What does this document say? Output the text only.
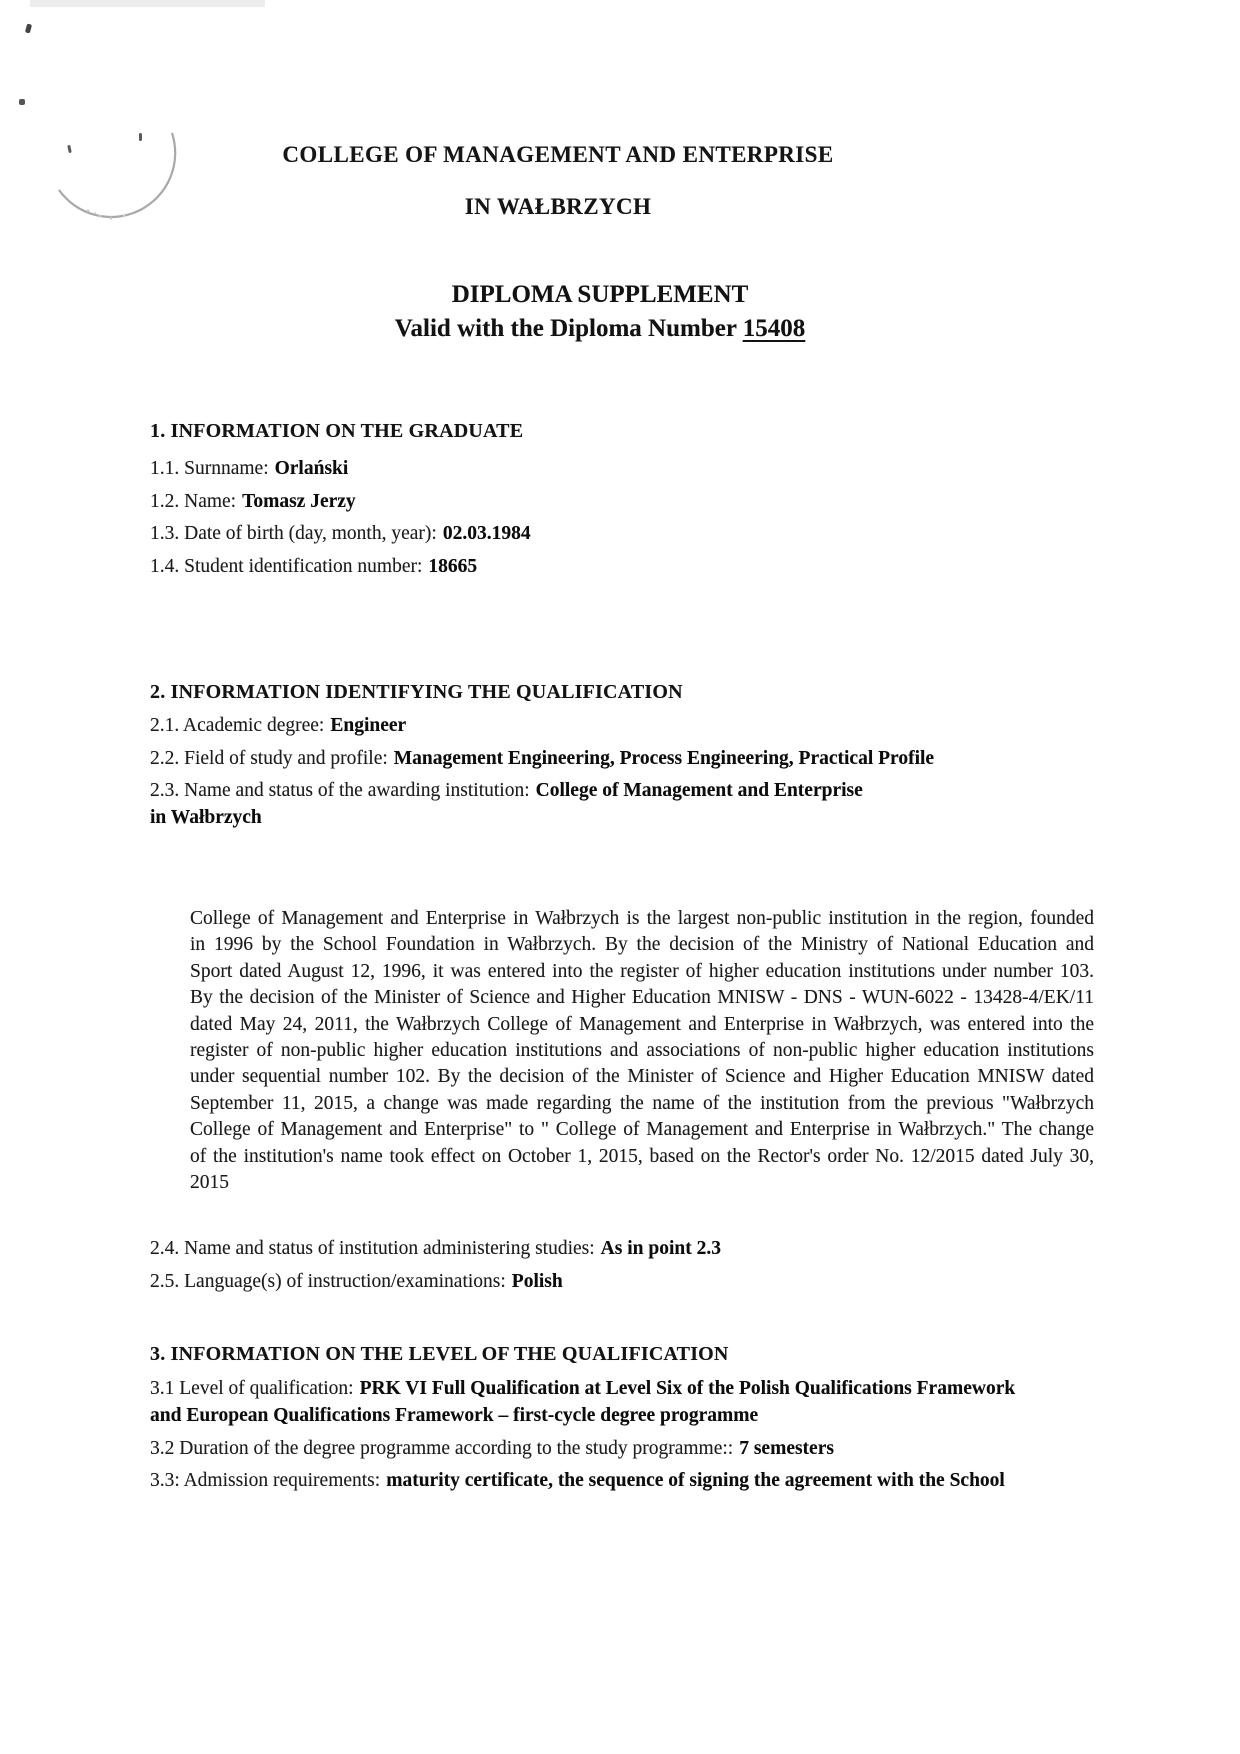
COLLEGE OF MANAGEMENT AND ENTERPRISE
IN WAŁBRZYCH
DIPLOMA SUPPLEMENT
Valid with the Diploma Number 15408
1. INFORMATION ON THE GRADUATE
1.1. Surnname: Orlański
1.2. Name: Tomasz Jerzy
1.3. Date of birth (day, month, year): 02.03.1984
1.4. Student identification number: 18665
2. INFORMATION IDENTIFYING THE QUALIFICATION
2.1. Academic degree: Engineer
2.2. Field of study and profile: Management Engineering, Process Engineering, Practical Profile
2.3. Name and status of the awarding institution: College of Management and Enterprise in Wałbrzych
College of Management and Enterprise in Wałbrzych is the largest non-public institution in the region, founded in 1996 by the School Foundation in Wałbrzych. By the decision of the Ministry of National Education and Sport dated August 12, 1996, it was entered into the register of higher education institutions under number 103. By the decision of the Minister of Science and Higher Education MNISW - DNS - WUN-6022 - 13428-4/EK/11 dated May 24, 2011, the Wałbrzych College of Management and Enterprise in Wałbrzych, was entered into the register of non-public higher education institutions and associations of non-public higher education institutions under sequential number 102. By the decision of the Minister of Science and Higher Education MNISW dated September 11, 2015, a change was made regarding the name of the institution from the previous "Wałbrzych College of Management and Enterprise" to " College of Management and Enterprise in Wałbrzych." The change of the institution's name took effect on October 1, 2015, based on the Rector's order No. 12/2015 dated July 30, 2015
2.4. Name and status of institution administering studies: As in point 2.3
2.5. Language(s) of instruction/examinations: Polish
3. INFORMATION ON THE LEVEL OF THE QUALIFICATION
3.1 Level of qualification: PRK VI Full Qualification at Level Six of the Polish Qualifications Framework and European Qualifications Framework – first-cycle degree programme
3.2 Duration of the degree programme according to the study programme:: 7 semesters
3.3: Admission requirements: maturity certificate, the sequence of signing the agreement with the School
